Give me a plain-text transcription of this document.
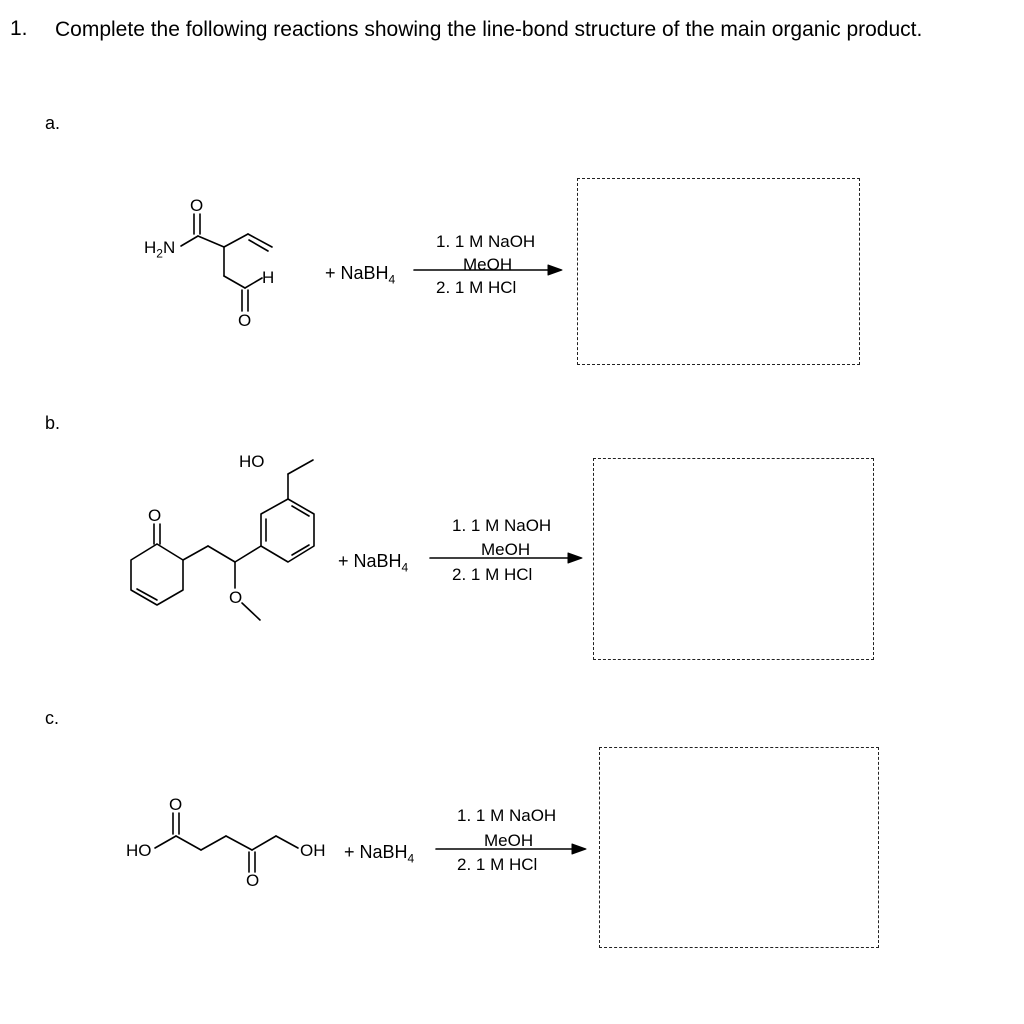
1. Complete the following reactions showing the line-bond structure of the main organic product.
a.
b.
c.
$H_2N$
O
H
O
O
HO
O
HO
O
O
OH
+ NaBH$_4$
+ NaBH$_4$
+ NaBH$_4$
1. 1 M NaOH
MeOH
2. 1 M HCl
1. 1 M NaOH
MeOH
2. 1 M HCl
1. 1 M NaOH
MeOH
2. 1 M HCl
